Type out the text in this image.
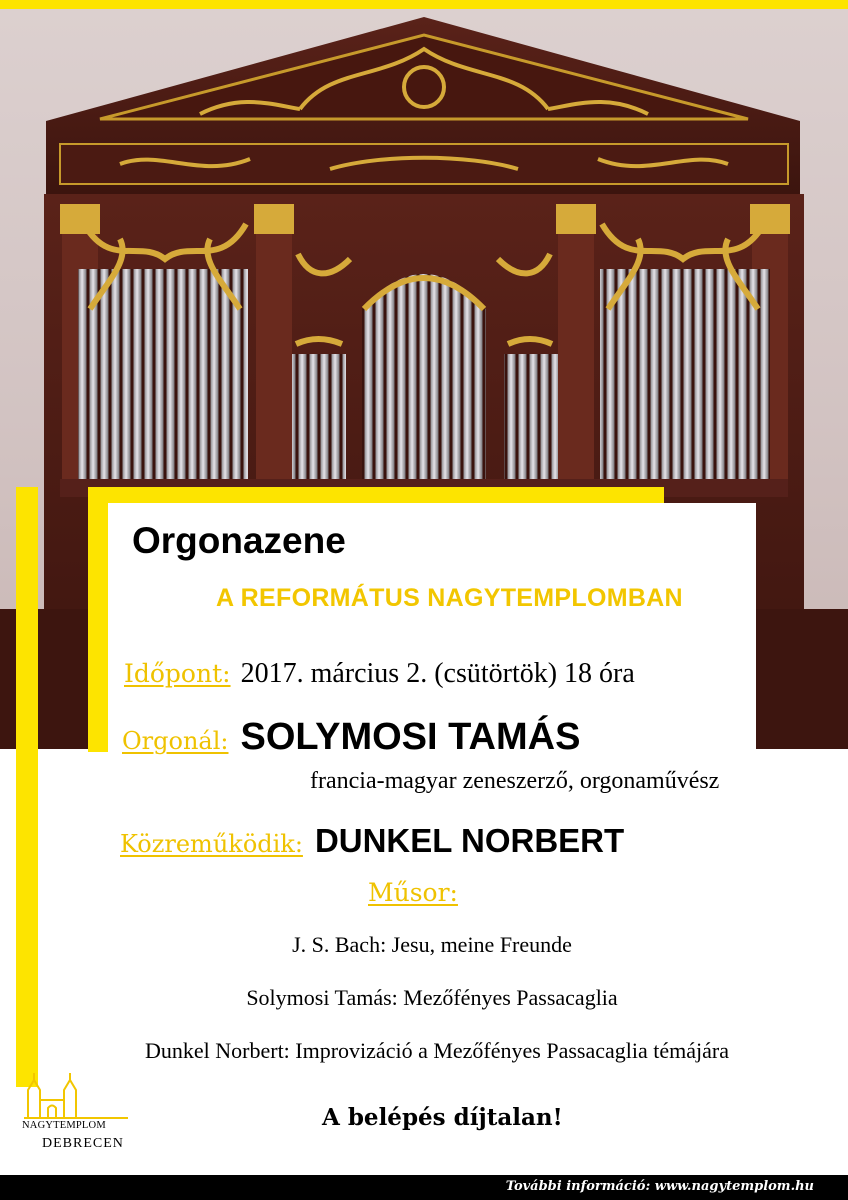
Orgonazene
A REFORMÁTUS NAGYTEMPLOMBAN
Időpont: 2017. március 2. (csütörtök) 18 óra
Orgonál: SOLYMOSI TAMÁS
francia-magyar zeneszerző, orgonaművész
Közreműködik: DUNKEL NORBERT
Műsor:
J. S. Bach: Jesu, meine Freunde
Solymosi Tamás: Mezőfényes Passacaglia
Dunkel Norbert: Improvizáció a Mezőfényes Passacaglia témájára
A belépés díjtalan!
NAGYTEMPLOM
DEBRECEN
További információ: www.nagytemplom.hu
